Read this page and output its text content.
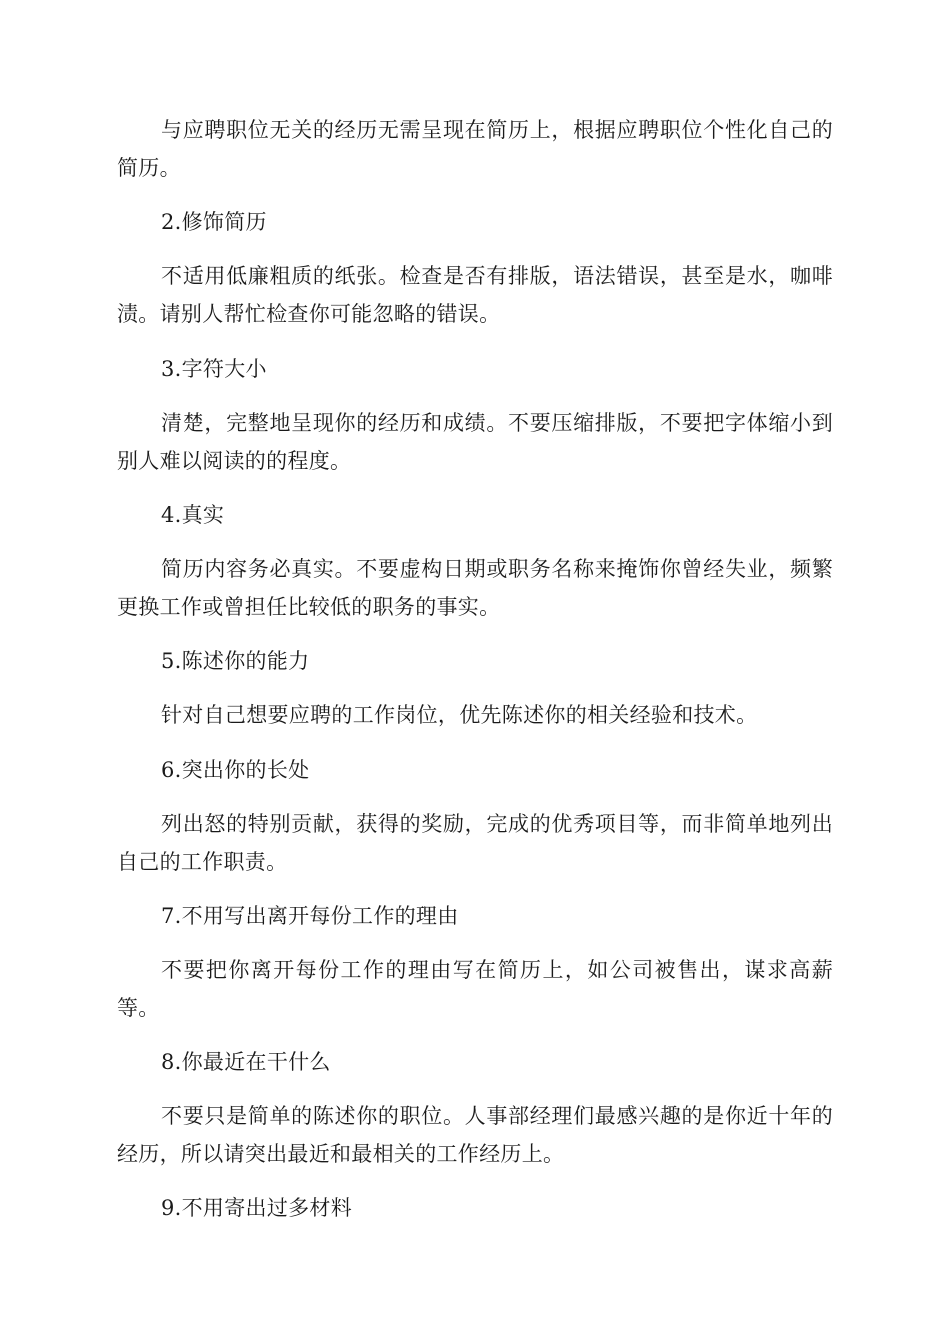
与应聘职位无关的经历无需呈现在简历上，根据应聘职位个性化自己的简历。

2.修饰简历

不适用低廉粗质的纸张。检查是否有排版，语法错误，甚至是水，咖啡渍。请别人帮忙检查你可能忽略的错误。

3.字符大小

清楚，完整地呈现你的经历和成绩。不要压缩排版，不要把字体缩小到别人难以阅读的的程度。

4.真实

简历内容务必真实。不要虚构日期或职务名称来掩饰你曾经失业，频繁更换工作或曾担任比较低的职务的事实。

5.陈述你的能力

针对自己想要应聘的工作岗位，优先陈述你的相关经验和技术。

6.突出你的长处

列出怒的特别贡献，获得的奖励，完成的优秀项目等，而非简单地列出自己的工作职责。

7.不用写出离开每份工作的理由

不要把你离开每份工作的理由写在简历上，如公司被售出，谋求高薪等。

8.你最近在干什么

不要只是简单的陈述你的职位。人事部经理们最感兴趣的是你近十年的经历，所以请突出最近和最相关的工作经历上。

9.不用寄出过多材料
